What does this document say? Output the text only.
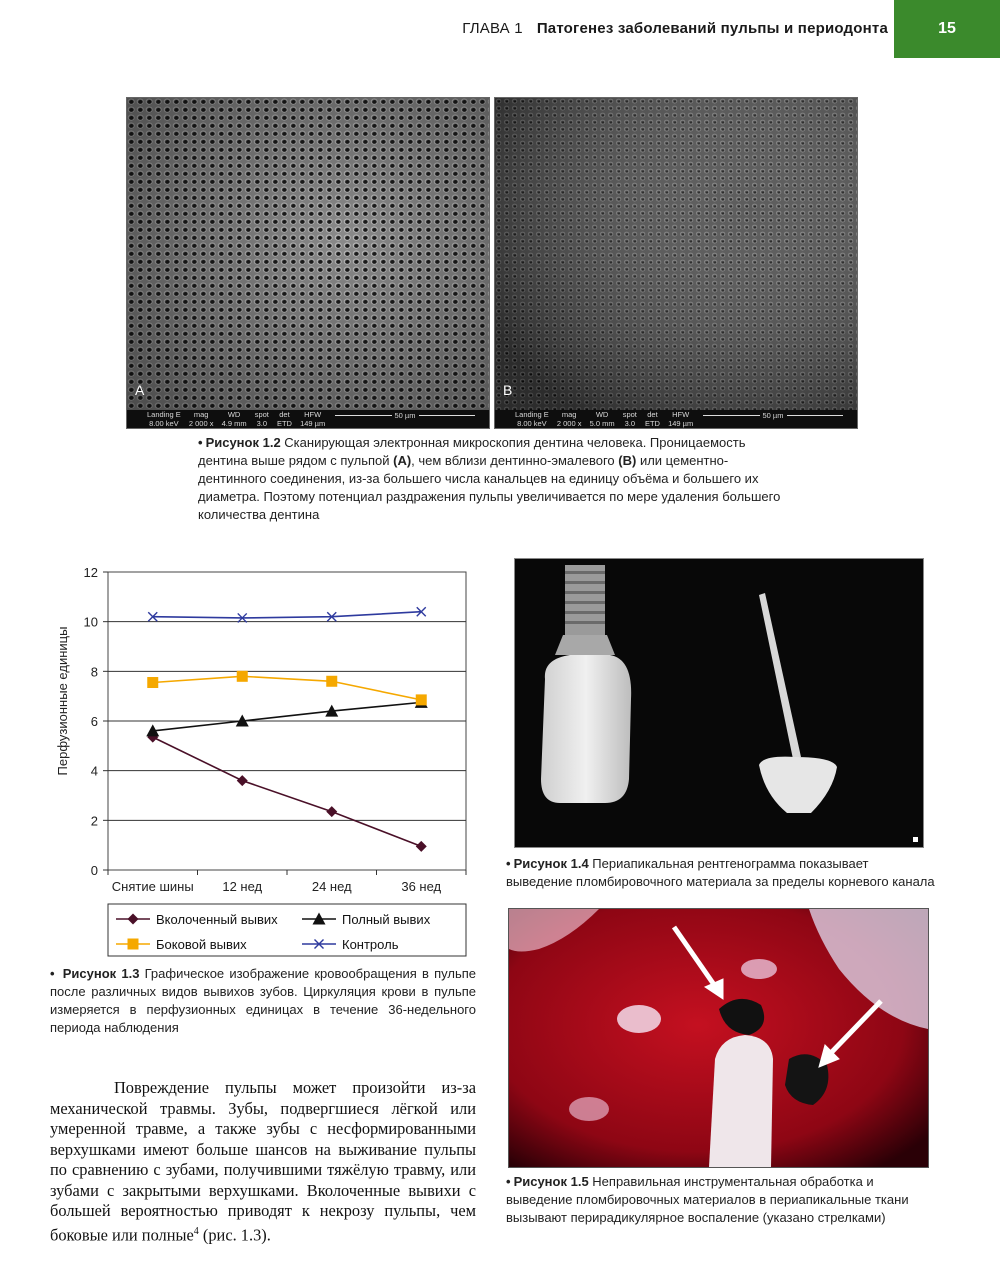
ГЛАВА 1 Патогенез заболеваний пульпы и периодонта	15
A
Landing E
8.00 keV mag
2 000 x WD
4.9 mm spot
3.0 det
ETD HFW
149 µm
50 µm
B
Landing E
8.00 keV mag
2 000 x WD
5.0 mm spot
3.0 det
ETD HFW
149 µm
50 µm
• Рисунок 1.2 Сканирующая электронная микроскопия дентина человека. Проницаемость дентина выше рядом с пульпой (А), чем вблизи дентинно-эмалевого (В) или цементно-дентинного соединения, из-за большего числа канальцев на единицу объёма и большего их диаметра. Поэтому потенциал раздражения пульпы увеличивается по мере удаления большего количества дентина
0
2
4
6
8
10
12
Снятие шины 12 нед	24 нед	36 нед
Перфузионные единицы
Вколоченный вывих	Полный вывих
Боковой вывих	Контроль
• Рисунок 1.3 Графическое изображение кровообращения в пульпе после различных видов вывихов зубов. Циркуляция крови в пульпе измеряется в перфузионных единицах в течение 36-недельного периода наблюдения
• Рисунок 1.4 Периапикальная рентгенограмма показывает выведение пломбировочного материала за пределы корневого канала
• Рисунок 1.5 Неправильная инструментальная обработка и выведение пломбировочных материалов в периапикальные ткани вызывают перирадикулярное воспаление (указано стрелками)
Повреждение пульпы может произойти из-за механической травмы. Зубы, подвергшиеся лёгкой или умеренной травме, а также зубы с несформированными верхушками имеют больше шансов на выживание пульпы по сравнению с зубами, получившими тяжёлую травму, или зубами с закрытыми верхушками. Вколоченные вывихи с большей вероятностью приводят к некрозу пульпы, чем боковые или полные$^4$ (рис. 1.3).
